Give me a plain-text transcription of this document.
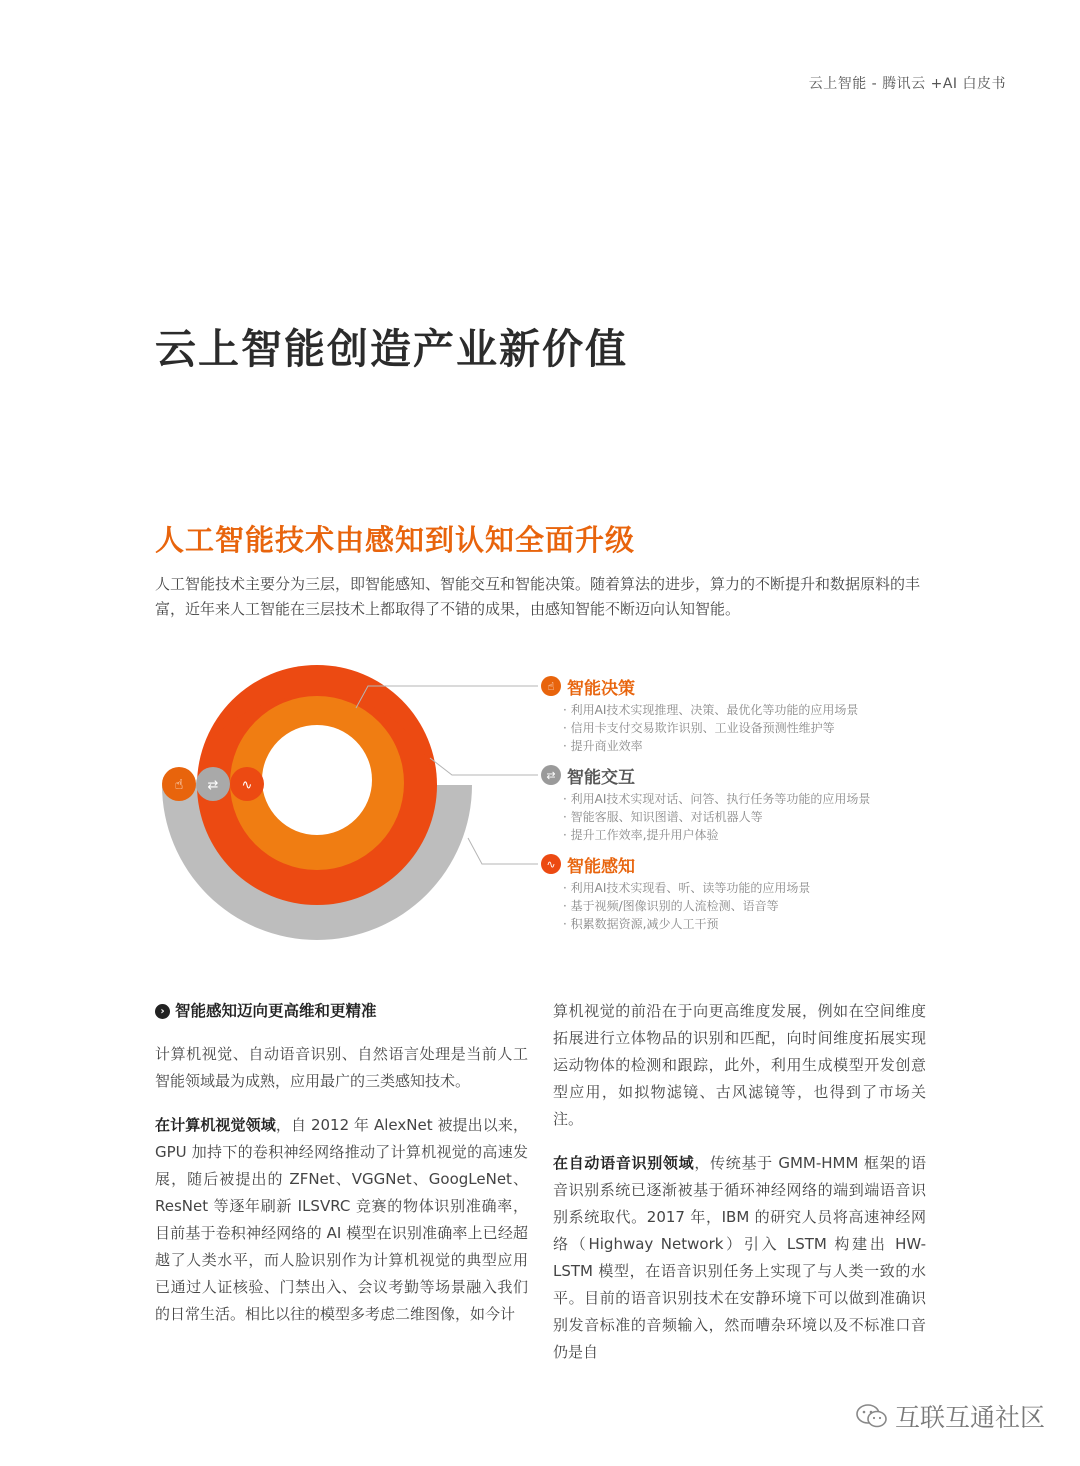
云上智能 - 腾讯云 +AI 白皮书
云上智能创造产业新价值
人工智能技术由感知到认知全面升级

人工智能技术主要分为三层，即智能感知、智能交互和智能决策。随着算法的进步，算力的不断提升和数据原料的丰富，近年来人工智能在三层技术上都取得了不错的成果，由感知智能不断迈向认知智能。

☝ ⇄ ∿
☝ 智能决策
· 利用AI技术实现推理、决策、最优化等功能的应用场景
· 信用卡支付交易欺诈识别、工业设备预测性维护等
· 提升商业效率
⇄ 智能交互
· 利用AI技术实现对话、问答、执行任务等功能的应用场景
· 智能客服、知识图谱、对话机器人等
· 提升工作效率,提升用户体验
∿ 智能感知
· 利用AI技术实现看、听、读等功能的应用场景
· 基于视频/图像识别的人流检测、语音等
· 积累数据资源,减少人工干预
› 智能感知迈向更高维和更精准

计算机视觉、自动语音识别、自然语言处理是当前人工智能领域最为成熟，应用最广的三类感知技术。

在计算机视觉领域，自 2012 年 AlexNet 被提出以来，GPU 加持下的卷积神经网络推动了计算机视觉的高速发展，随后被提出的 ZFNet、VGGNet、GoogLeNet、ResNet 等逐年刷新 ILSVRC 竞赛的物体识别准确率，目前基于卷积神经网络的 AI 模型在识别准确率上已经超越了人类水平，而人脸识别作为计算机视觉的典型应用已通过人证核验、门禁出入、会议考勤等场景融入我们的日常生活。相比以往的模型多考虑二维图像，如今计

算机视觉的前沿在于向更高维度发展，例如在空间维度拓展进行立体物品的识别和匹配，向时间维度拓展实现运动物体的检测和跟踪，此外，利用生成模型开发创意型应用，如拟物滤镜、古风滤镜等，也得到了市场关注。

在自动语音识别领域，传统基于 GMM-HMM 框架的语音识别系统已逐渐被基于循环神经网络的端到端语音识别系统取代。2017 年，IBM 的研究人员将高速神经网络（Highway Network）引入 LSTM 构建出 HW-LSTM 模型，在语音识别任务上实现了与人类一致的水平。目前的语音识别技术在安静环境下可以做到准确识别发音标准的音频输入，然而嘈杂环境以及不标准口音仍是自

互联互通社区
